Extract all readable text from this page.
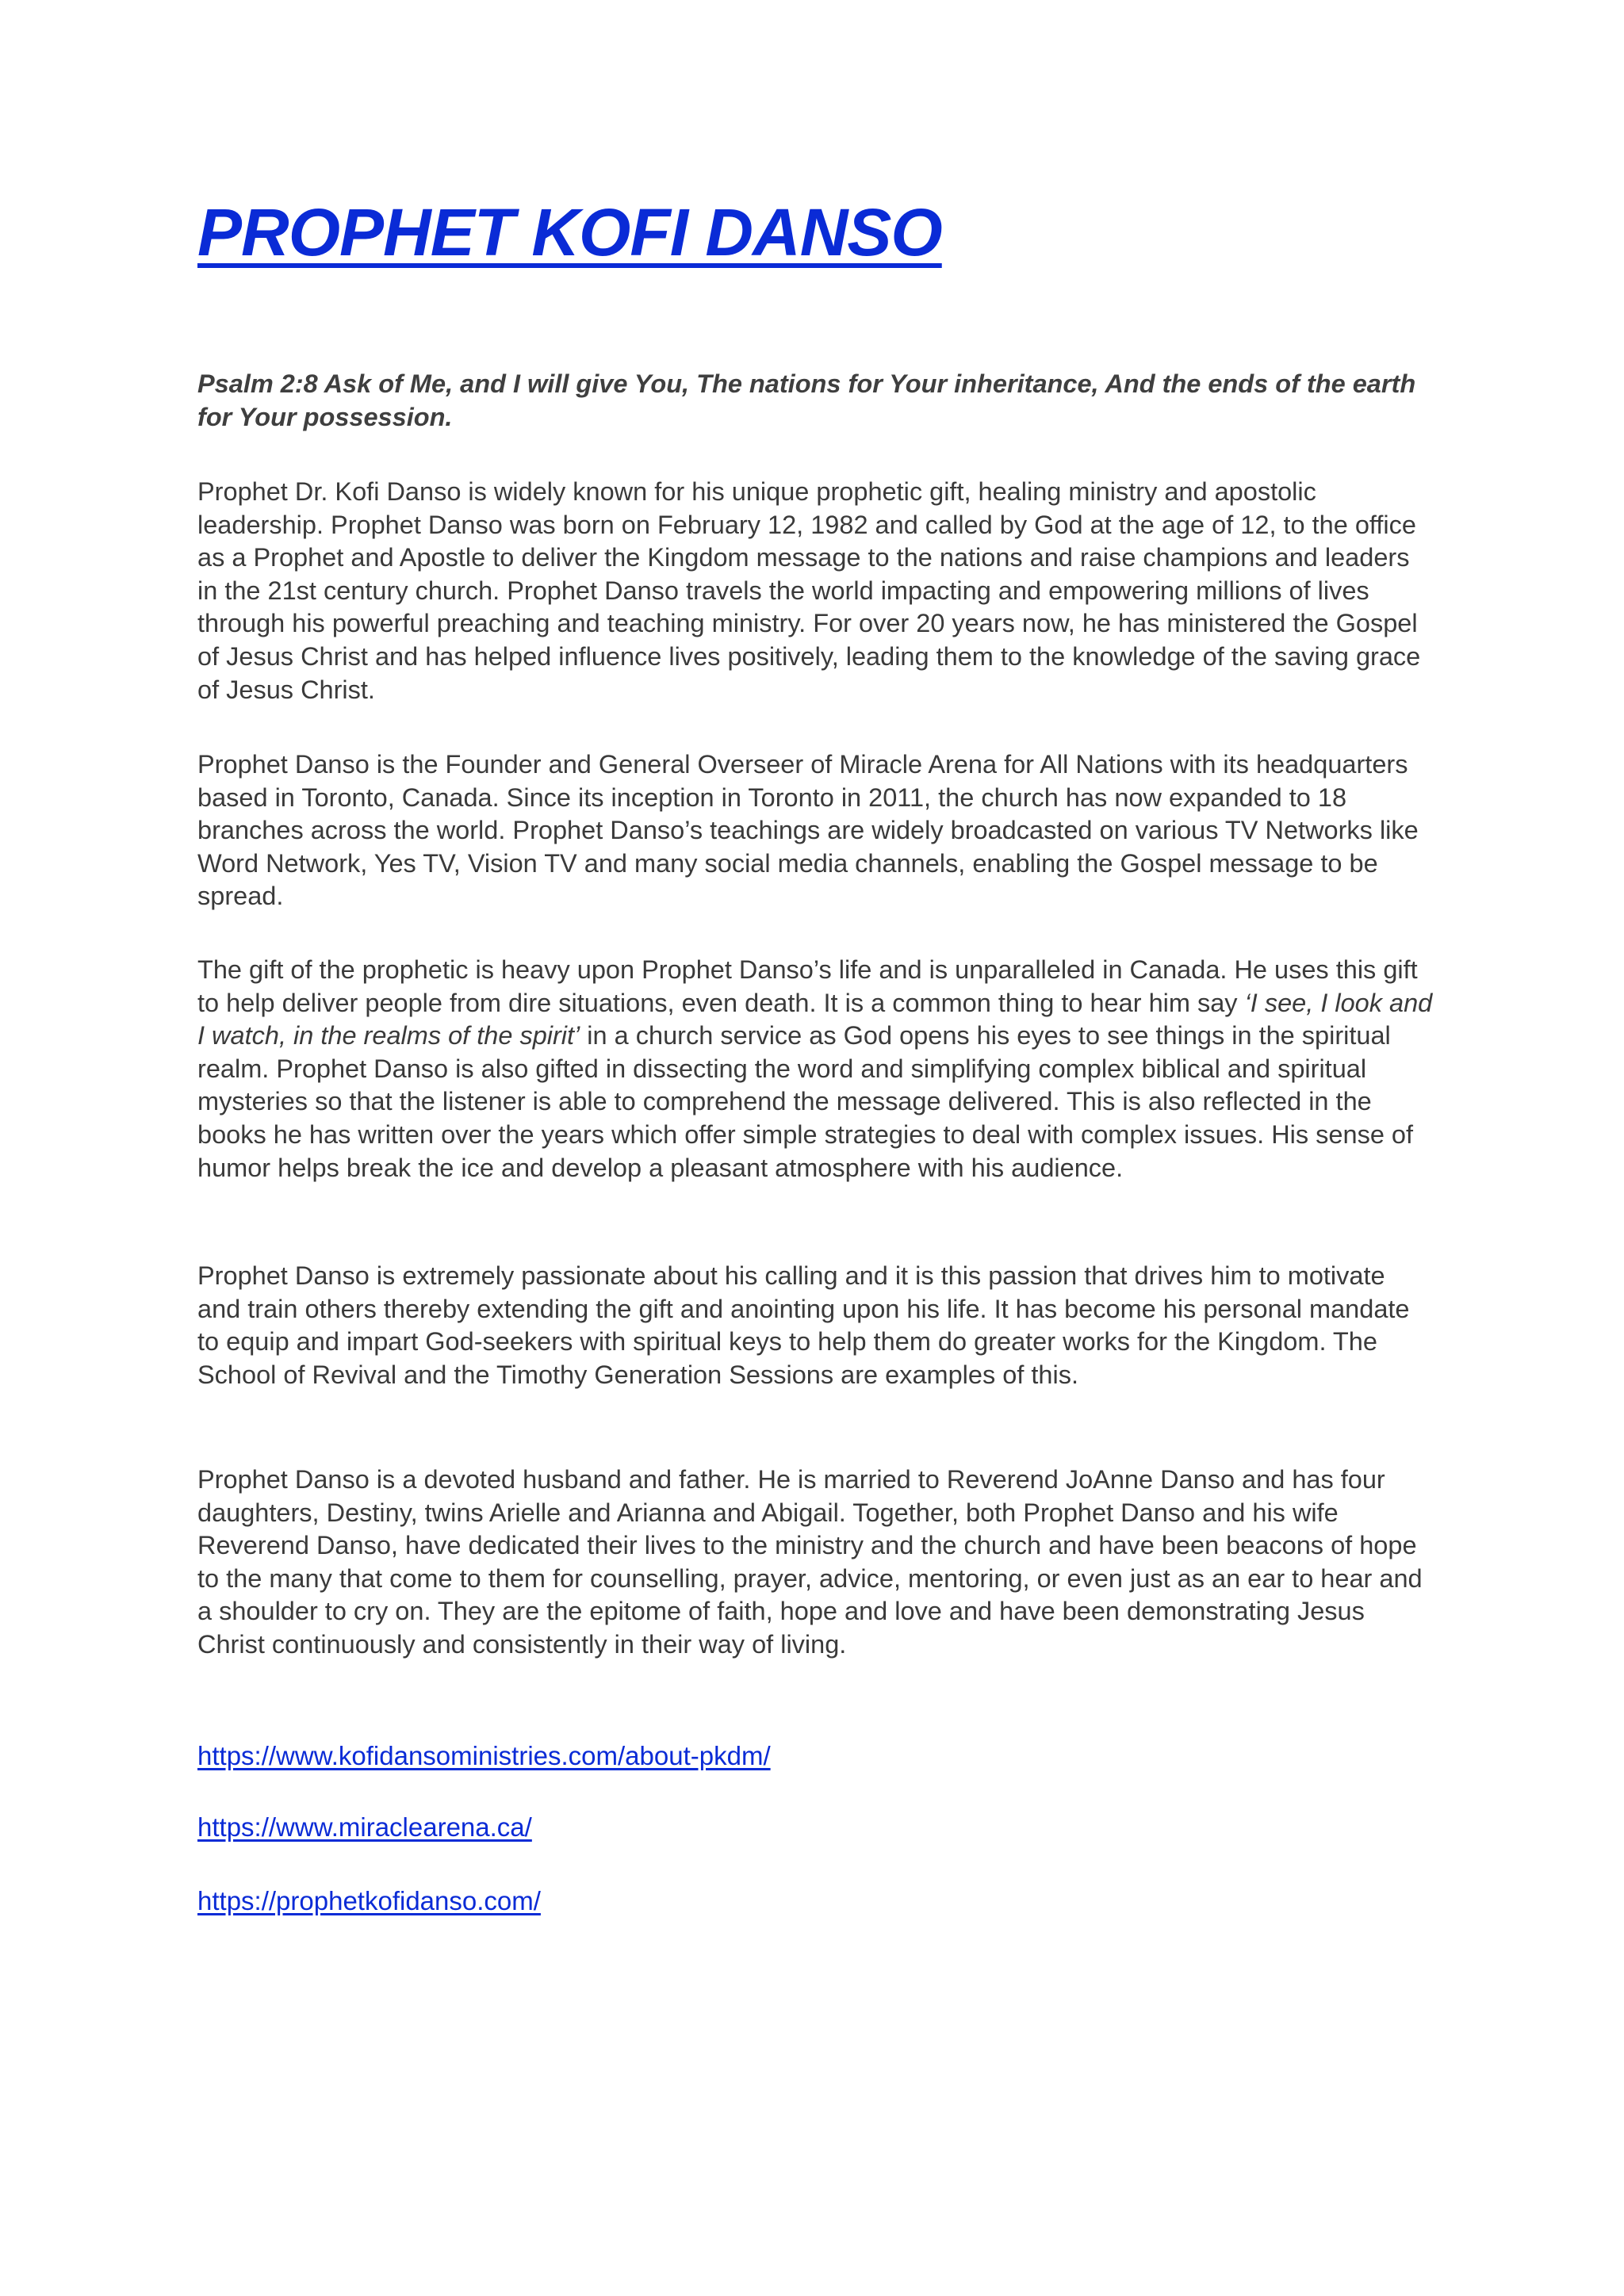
PROPHET KOFI DANSO

Psalm 2:8 Ask of Me, and I will give You, The nations for Your inheritance, And the ends of the earth for Your possession.

Prophet Dr. Kofi Danso is widely known for his unique prophetic gift, healing ministry and apostolic leadership. Prophet Danso was born on February 12, 1982 and called by God at the age of 12, to the office as a Prophet and Apostle to deliver the Kingdom message to the nations and raise champions and leaders in the 21st century church. Prophet Danso travels the world impacting and empowering millions of lives through his powerful preaching and teaching ministry. For over 20 years now, he has ministered the Gospel of Jesus Christ and has helped influence lives positively, leading them to the knowledge of the saving grace of Jesus Christ.

Prophet Danso is the Founder and General Overseer of Miracle Arena for All Nations with its headquarters based in Toronto, Canada. Since its inception in Toronto in 2011, the church has now expanded to 18 branches across the world. Prophet Danso’s teachings are widely broadcasted on various TV Networks like Word Network, Yes TV, Vision TV and many social media channels, enabling the Gospel message to be spread.

The gift of the prophetic is heavy upon Prophet Danso’s life and is unparalleled in Canada. He uses this gift to help deliver people from dire situations, even death. It is a common thing to hear him say ‘I see, I look and I watch, in the realms of the spirit’ in a church service as God opens his eyes to see things in the spiritual realm. Prophet Danso is also gifted in dissecting the word and simplifying complex biblical and spiritual mysteries so that the listener is able to comprehend the message delivered. This is also reflected in the books he has written over the years which offer simple strategies to deal with complex issues. His sense of humor helps break the ice and develop a pleasant atmosphere with his audience.

Prophet Danso is extremely passionate about his calling and it is this passion that drives him to motivate and train others thereby extending the gift and anointing upon his life. It has become his personal mandate to equip and impart God-seekers with spiritual keys to help them do greater works for the Kingdom. The School of Revival and the Timothy Generation Sessions are examples of this.

Prophet Danso is a devoted husband and father. He is married to Reverend JoAnne Danso and has four daughters, Destiny, twins Arielle and Arianna and Abigail. Together, both Prophet Danso and his wife Reverend Danso, have dedicated their lives to the ministry and the church and have been beacons of hope to the many that come to them for counselling, prayer, advice, mentoring, or even just as an ear to hear and a shoulder to cry on. They are the epitome of faith, hope and love and have been demonstrating Jesus Christ continuously and consistently in their way of living.

https://www.kofidansoministries.com/about-pkdm/
https://www.miraclearena.ca/
https://prophetkofidanso.com/
